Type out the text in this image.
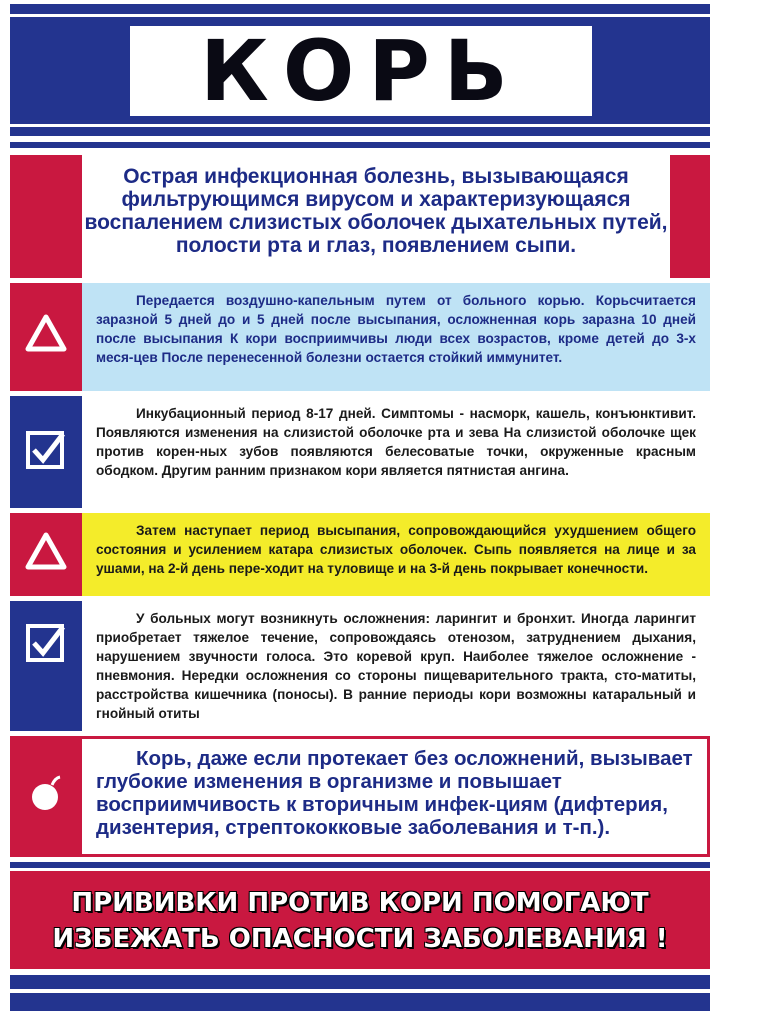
КОРЬ
Острая инфекционная болезнь, вызывающаяся фильтрующимся вирусом и характеризующаяся воспалением слизистых оболочек дыхательных путей, полости рта и глаз, появлением сыпи.

Передается воздушно-капельным путем от больного корью. Корьсчитается заразной 5 дней до и 5 дней после высыпания, осложненная корь заразна 10 дней после высыпания К кори восприимчивы люди всех возрастов, кроме детей до 3-х меся-цев После перенесенной болезни остается стойкий иммунитет.

Инкубационный период 8-17 дней. Симптомы - насморк, кашель, конъюнктивит. Появляются изменения на слизистой оболочке рта и зева На слизистой оболочке щек против корен-ных зубов появляются белесоватые точки, окруженные красным ободком. Другим ранним признаком кори является пятнистая ангина.

Затем наступает период высыпания, сопровождающийся ухудшением общего состояния и усилением катара слизистых оболочек. Сыпь появляется на лице и за ушами, на 2-й день пере-ходит на туловище и на 3-й день покрывает конечности.

У больных могут возникнуть осложнения: ларингит и бронхит. Иногда ларингит приобретает тяжелое течение, сопровождаясь отенозом, затруднением дыхания, нарушением звучности голоса. Это коревой круп. Наиболее тяжелое осложнение - пневмония. Нередки осложнения со стороны пищеварительного тракта, сто-матиты, расстройства кишечника (поносы). В ранние периоды кори возможны катаральный и гнойный отиты

Корь, даже если протекает без осложнений, вызывает глубокие изменения в организме и повышает восприимчивость к вторичным инфек-циям (дифтерия, дизентерия, стрептококковые заболевания и т-п.).

ПРИВИВКИ ПРОТИВ КОРИ ПОМОГАЮТ
ИЗБЕЖАТЬ ОПАСНОСТИ ЗАБОЛЕВАНИЯ !
